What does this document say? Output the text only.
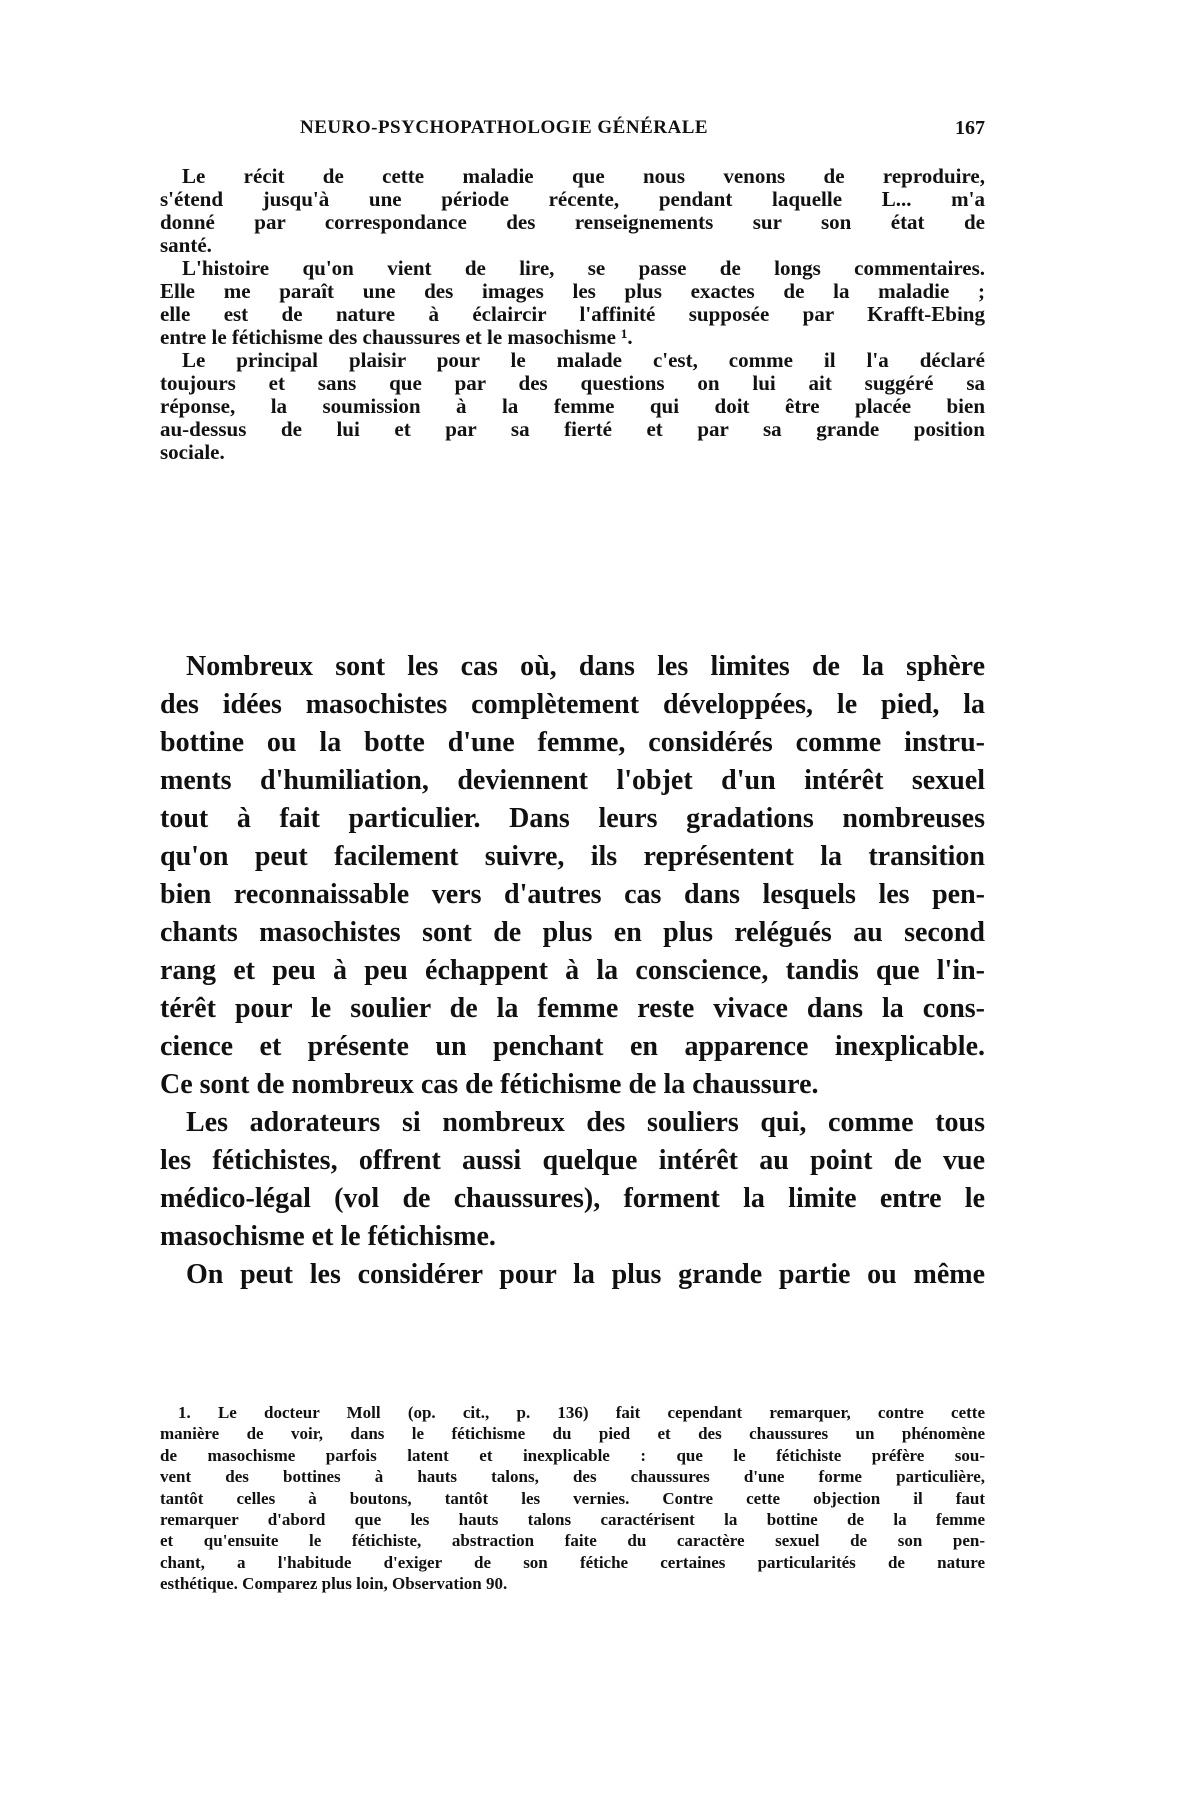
NEURO-PSYCHOPATHOLOGIE GÉNÉRALE	167
Le récit de cette maladie que nous venons de reproduire,
s'étend jusqu'à une période récente, pendant laquelle L... m'a
donné par correspondance des renseignements sur son état de
santé.
L'histoire qu'on vient de lire, se passe de longs commentaires.
Elle me paraît une des images les plus exactes de la maladie ;
elle est de nature à éclaircir l'affinité supposée par Krafft-Ebing
entre le fétichisme des chaussures et le masochisme ¹.
Le principal plaisir pour le malade c'est, comme il l'a déclaré
toujours et sans que par des questions on lui ait suggéré sa
réponse, la soumission à la femme qui doit être placée bien
au-dessus de lui et par sa fierté et par sa grande position
sociale.
Nombreux sont les cas où, dans les limites de la sphère
des idées masochistes complètement développées, le pied, la
bottine ou la botte d'une femme, considérés comme instru-
ments d'humiliation, deviennent l'objet d'un intérêt sexuel
tout à fait particulier. Dans leurs gradations nombreuses
qu'on peut facilement suivre, ils représentent la transition
bien reconnaissable vers d'autres cas dans lesquels les pen-
chants masochistes sont de plus en plus relégués au second
rang et peu à peu échappent à la conscience, tandis que l'in-
térêt pour le soulier de la femme reste vivace dans la cons-
cience et présente un penchant en apparence inexplicable.
Ce sont de nombreux cas de fétichisme de la chaussure.
Les adorateurs si nombreux des souliers qui, comme tous
les fétichistes, offrent aussi quelque intérêt au point de vue
médico-légal (vol de chaussures), forment la limite entre le
masochisme et le fétichisme.
On peut les considérer pour la plus grande partie ou même
1. Le docteur Moll (op. cit., p. 136) fait cependant remarquer, contre cette
manière de voir, dans le fétichisme du pied et des chaussures un phénomène
de masochisme parfois latent et inexplicable : que le fétichiste préfère sou-
vent des bottines à hauts talons, des chaussures d'une forme particulière,
tantôt celles à boutons, tantôt les vernies. Contre cette objection il faut
remarquer d'abord que les hauts talons caractérisent la bottine de la femme
et qu'ensuite le fétichiste, abstraction faite du caractère sexuel de son pen-
chant, a l'habitude d'exiger de son fétiche certaines particularités de nature
esthétique. Comparez plus loin, Observation 90.
